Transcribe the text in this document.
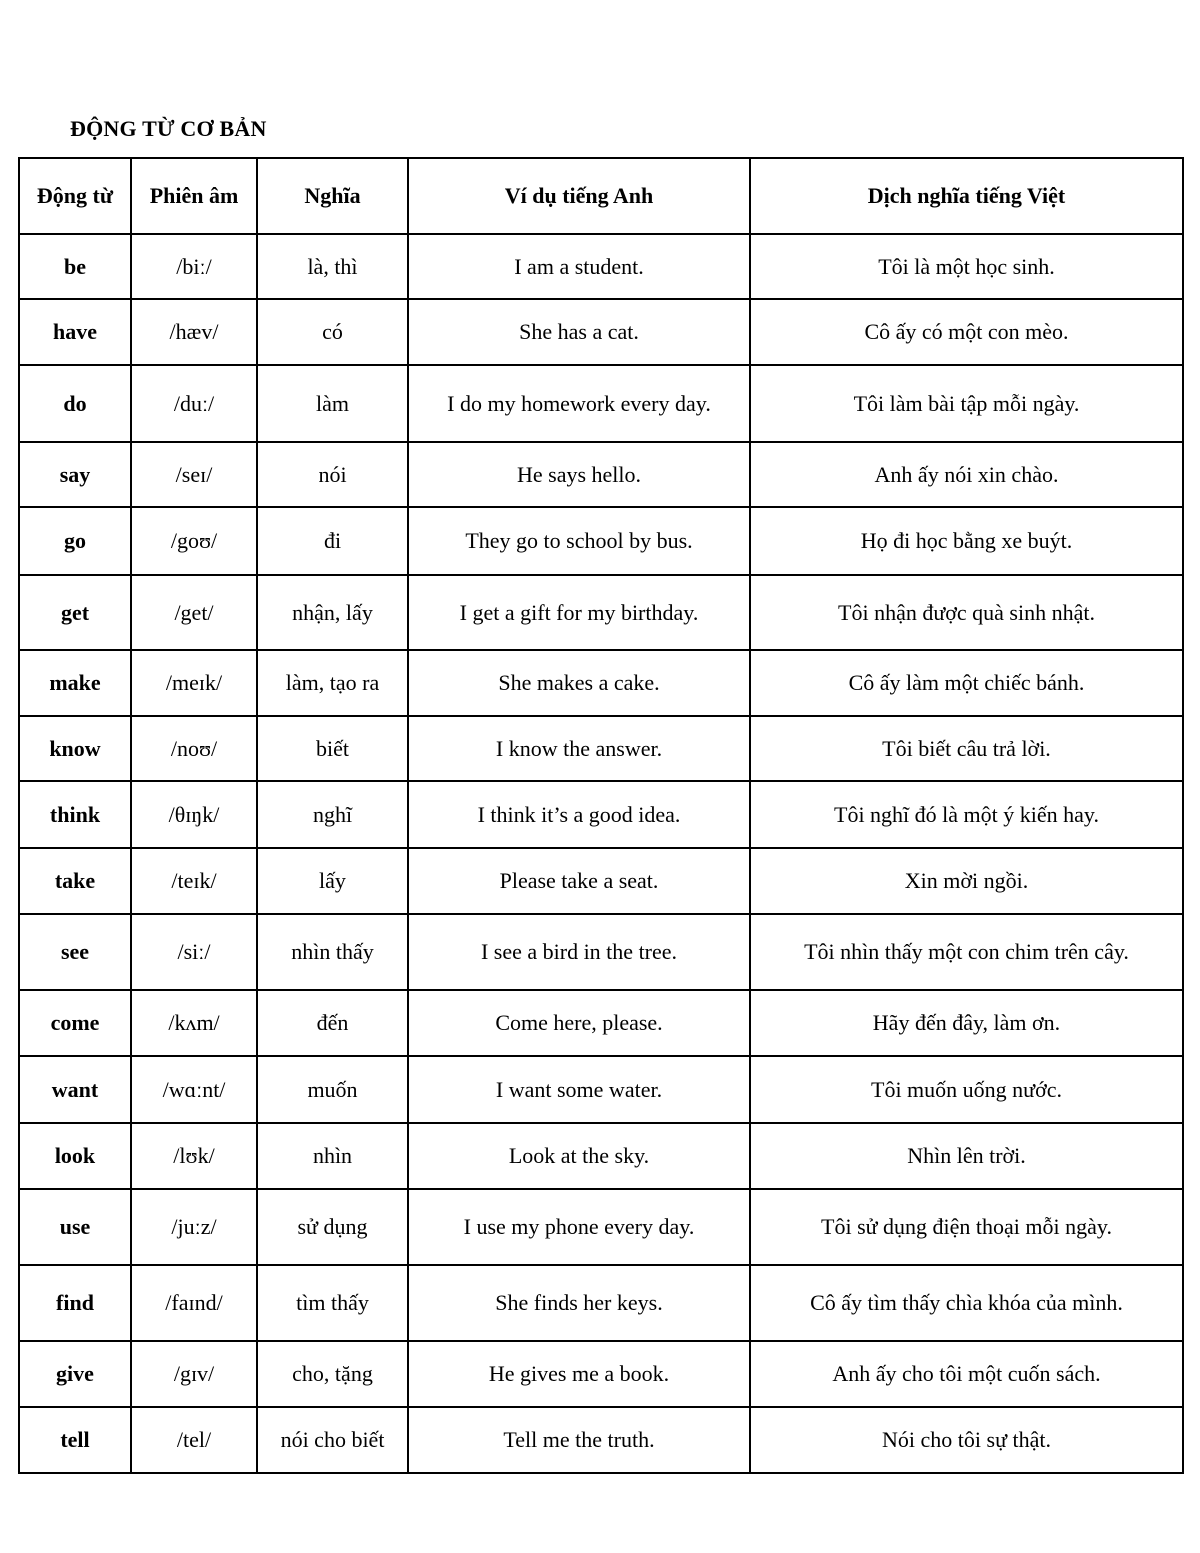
ĐỘNG TỪ CƠ BẢN
Động từ	Phiên âm	Nghĩa	Ví dụ tiếng Anh	Dịch nghĩa tiếng Việt
be	/biː/	là, thì	I am a student.	Tôi là một học sinh.
have	/hæv/	có	She has a cat.	Cô ấy có một con mèo.
do	/duː/	làm	I do my homework every day.	Tôi làm bài tập mỗi ngày.
say	/seɪ/	nói	He says hello.	Anh ấy nói xin chào.
go	/goʊ/	đi	They go to school by bus.	Họ đi học bằng xe buýt.
get	/get/	nhận, lấy	I get a gift for my birthday.	Tôi nhận được quà sinh nhật.
make	/meɪk/	làm, tạo ra	She makes a cake.	Cô ấy làm một chiếc bánh.
know	/noʊ/	biết	I know the answer.	Tôi biết câu trả lời.
think	/θɪŋk/	nghĩ	I think it’s a good idea.	Tôi nghĩ đó là một ý kiến hay.
take	/teɪk/	lấy	Please take a seat.	Xin mời ngồi.
see	/siː/	nhìn thấy	I see a bird in the tree.	Tôi nhìn thấy một con chim trên cây.
come	/kʌm/	đến	Come here, please.	Hãy đến đây, làm ơn.
want	/wɑːnt/	muốn	I want some water.	Tôi muốn uống nước.
look	/lʊk/	nhìn	Look at the sky.	Nhìn lên trời.
use	/juːz/	sử dụng	I use my phone every day.	Tôi sử dụng điện thoại mỗi ngày.
find	/faɪnd/	tìm thấy	She finds her keys.	Cô ấy tìm thấy chìa khóa của mình.
give	/gɪv/	cho, tặng	He gives me a book.	Anh ấy cho tôi một cuốn sách.
tell	/tel/	nói cho biết	Tell me the truth.	Nói cho tôi sự thật.
